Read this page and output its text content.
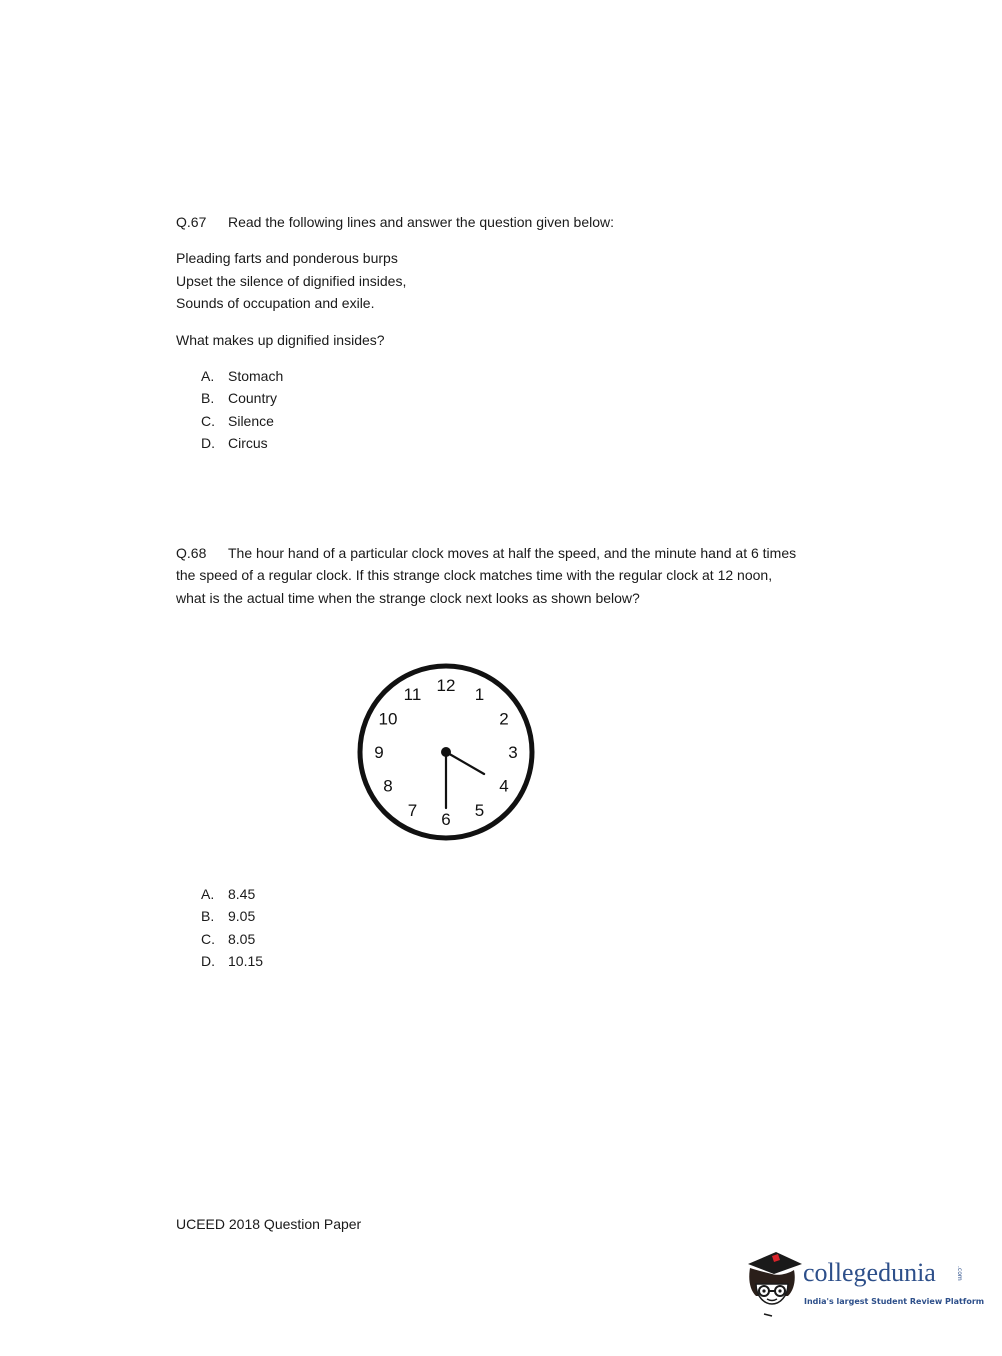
Q.67 Read the following lines and answer the question given below:
Pleading farts and ponderous burps
Upset the silence of dignified insides,
Sounds of occupation and exile.
What makes up dignified insides?
A. Stomach
B. Country
C. Silence
D. Circus
Q.68 The hour hand of a particular clock moves at half the speed, and the minute hand at 6 times
the speed of a regular clock. If this strange clock matches time with the regular clock at 12 noon,
what is the actual time when the strange clock next looks as shown below?
12 1
2
3
4
5
6
7
8
9
10
11
A. 8.45
B. 9.05
C. 8.05
D. 10.15
UCEED 2018 Question Paper
collegedunia	.com
India's largest Student Review Platform
